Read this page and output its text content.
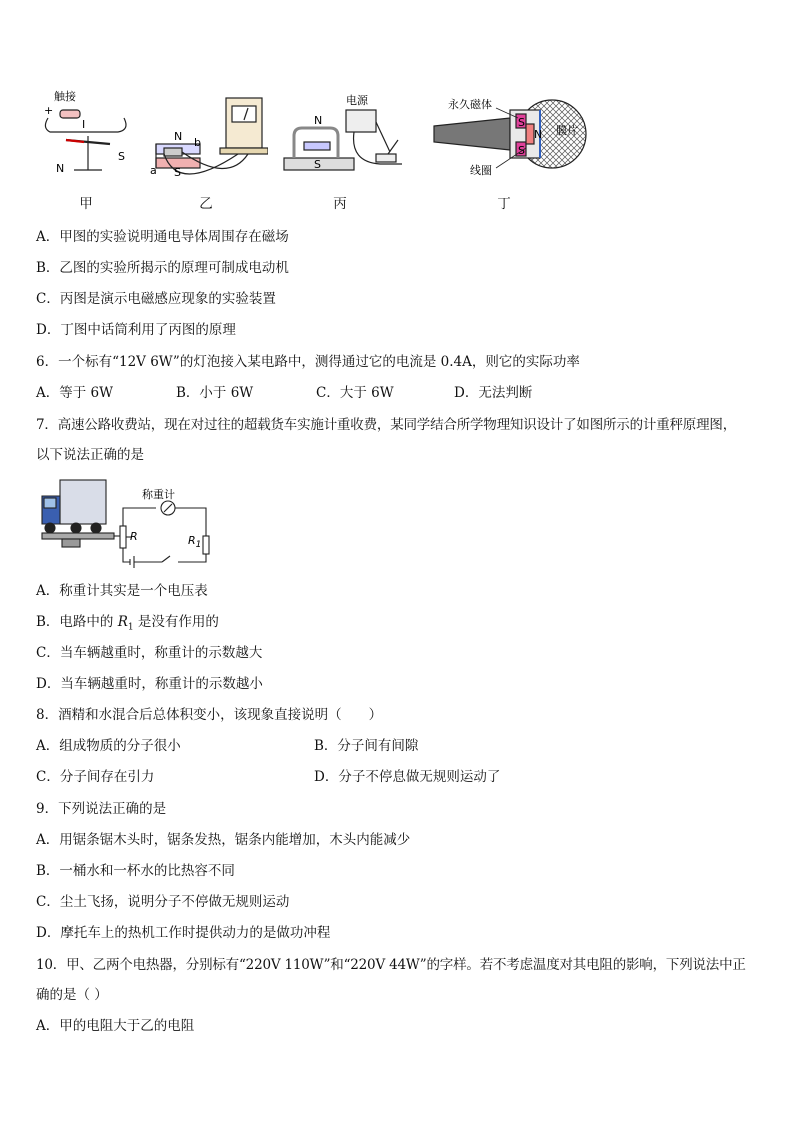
触接
+
I
N
S
甲
N b
a S
乙
电源
N
S
丙
永久磁体
膜片
线圈
S
N
S
丁
A．甲图的实验说明通电导体周围存在磁场
B．乙图的实验所揭示的原理可制成电动机
C．丙图是演示电磁感应现象的实验装置
D．丁图中话筒利用了丙图的原理
6．一个标有“12V 6W”的灯泡接入某电路中，测得通过它的电流是 0.4A，则它的实际功率
A．等于 6W	B．小于 6W	C．大于 6W	D．无法判断
7．高速公路收费站，现在对过往的超载货车实施计重收费，某同学结合所学物理知识设计了如图所示的计重秤原理图，
以下说法正确的是
称重计
R	$R_1$
A．称重计其实是一个电压表
B．电路中的 $R_1$ 是没有作用的
C．当车辆越重时，称重计的示数越大
D．当车辆越重时，称重计的示数越小
8．酒精和水混合后总体积变小，该现象直接说明（　　）
A．组成物质的分子很小	B．分子间有间隙
C．分子间存在引力	D．分子不停息做无规则运动了
9．下列说法正确的是
A．用锯条锯木头时，锯条发热，锯条内能增加，木头内能减少
B．一桶水和一杯水的比热容不同
C．尘土飞扬，说明分子不停做无规则运动
D．摩托车上的热机工作时提供动力的是做功冲程
10．甲、乙两个电热器，分别标有“220V 110W”和“220V 44W”的字样。若不考虑温度对其电阻的影响，下列说法中正
确的是（ ）
A．甲的电阻大于乙的电阻
